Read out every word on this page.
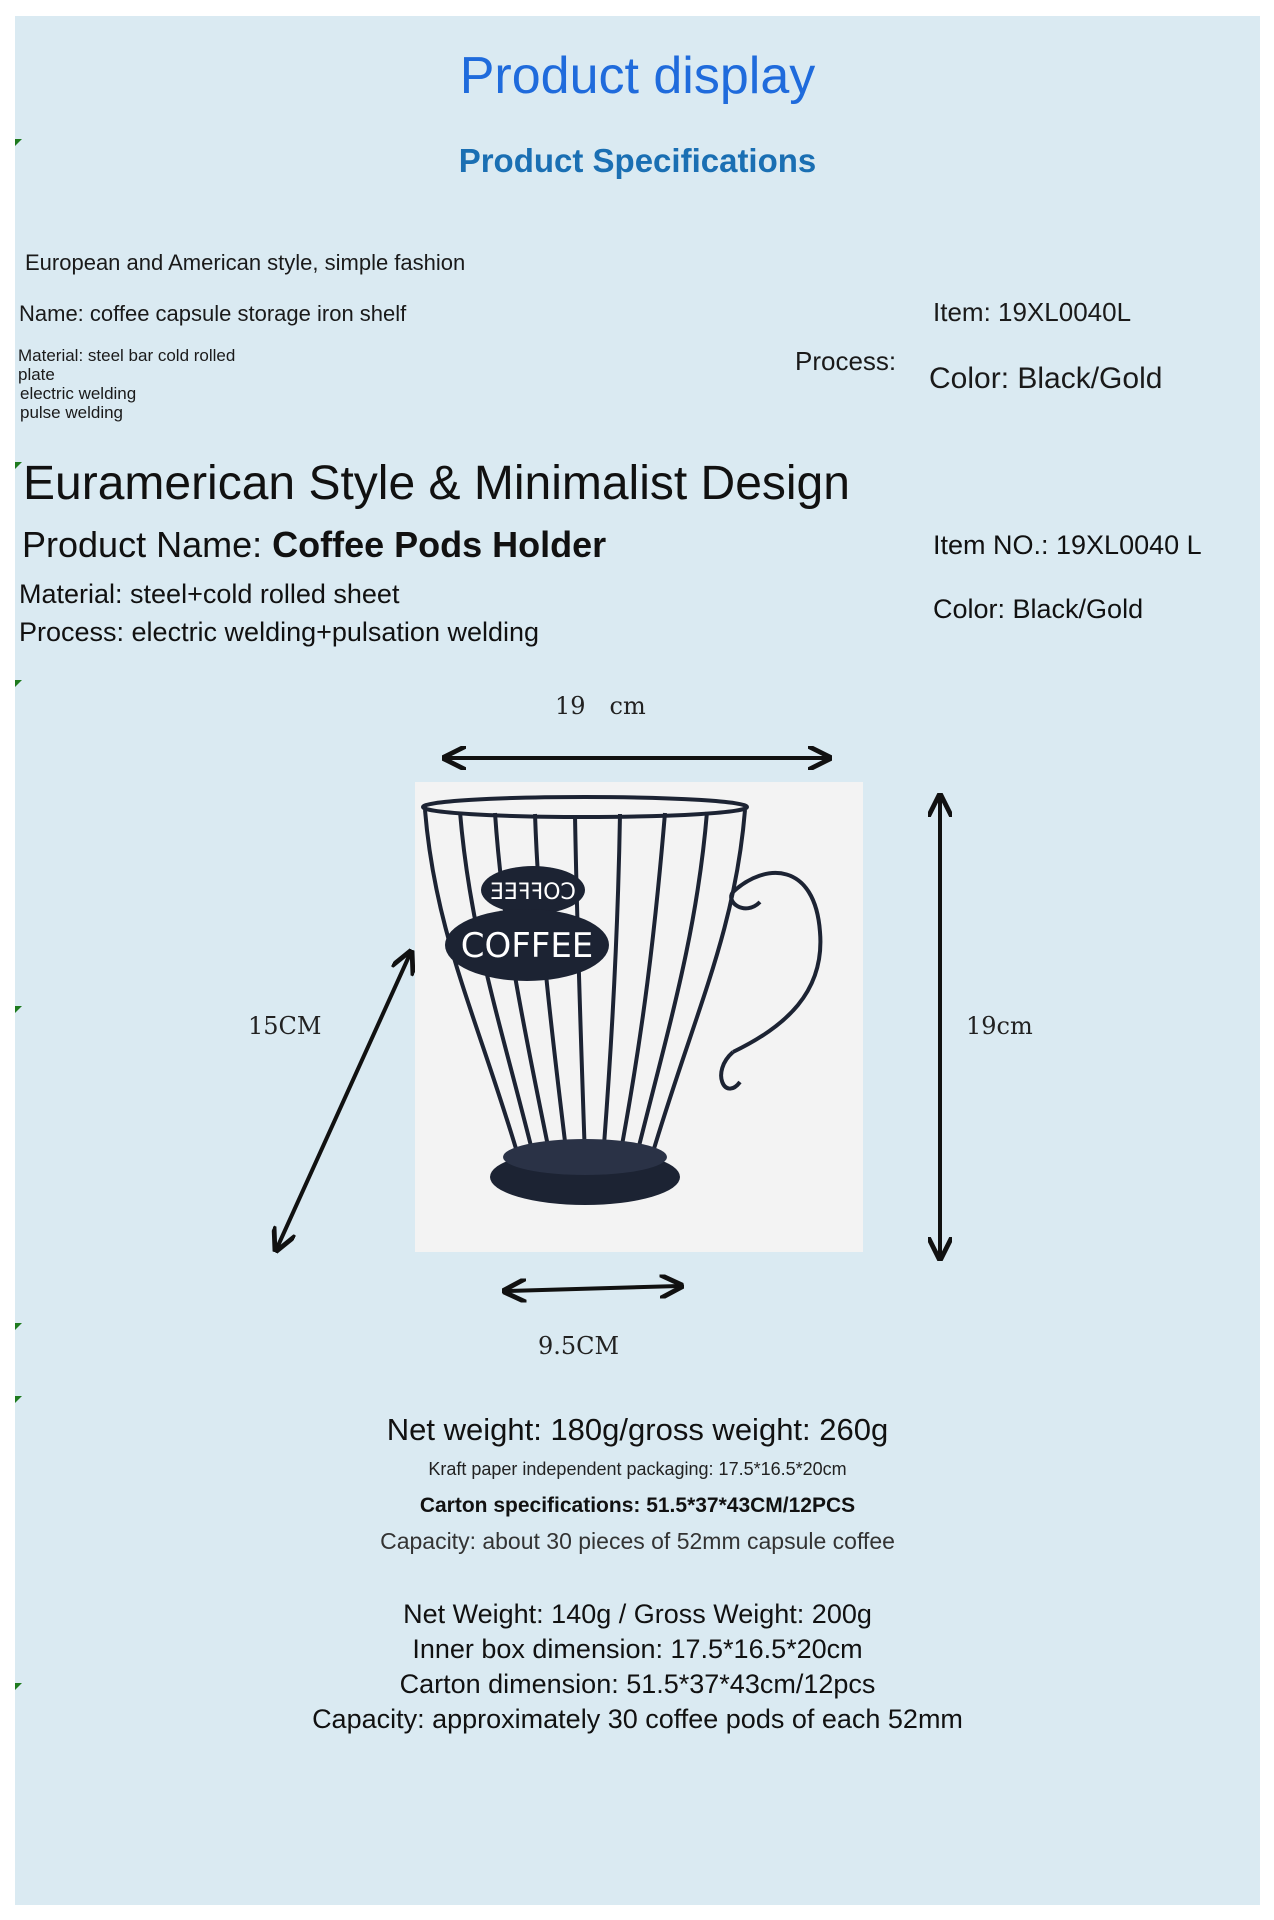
Product display
Product Specifications
European and American style, simple fashion
Name: coffee capsule storage iron shelf
Material: steel bar cold rolled
plate
electric welding
pulse welding
Item: 19XL0040L
Process:
Color: Black/Gold
Euramerican Style & Minimalist Design
Product Name: Coffee Pods Holder
Material: steel+cold rolled sheet
Process: electric welding+pulsation welding
Item NO.: 19XL0040 L
Color: Black/Gold
19　cm
15CM	19cm
9.5CM
COFFEE
COFFEE
Net weight: 180g/gross weight: 260g
Kraft paper independent packaging: 17.5*16.5*20cm
Carton specifications: 51.5*37*43CM/12PCS
Capacity: about 30 pieces of 52mm capsule coffee
Net Weight: 140g / Gross Weight: 200g
Inner box dimension: 17.5*16.5*20cm
Carton dimension: 51.5*37*43cm/12pcs
Capacity: approximately 30 coffee pods of each 52mm
